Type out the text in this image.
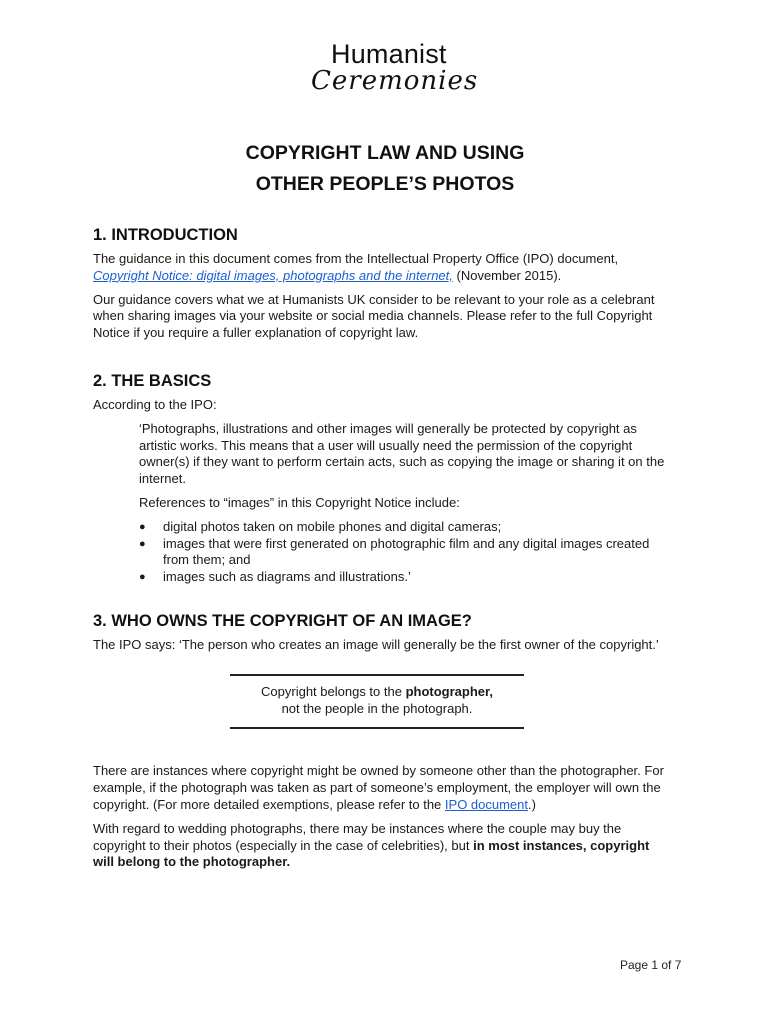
Humanist
Ceremonies
COPYRIGHT LAW AND USING
OTHER PEOPLE’S PHOTOS
1. INTRODUCTION

The guidance in this document comes from the Intellectual Property Office (IPO) document, Copyright Notice: digital images, photographs and the internet, (November 2015).

Our guidance covers what we at Humanists UK consider to be relevant to your role as a celebrant when sharing images via your website or social media channels. Please refer to the full Copyright Notice if you require a fuller explanation of copyright law.

2. THE BASICS

According to the IPO:

‘Photographs, illustrations and other images will generally be protected by copyright as artistic works. This means that a user will usually need the permission of the copyright owner(s) if they want to perform certain acts, such as copying the image or sharing it on the internet.

References to “images” in this Copyright Notice include:

● digital photos taken on mobile phones and digital cameras;
● images that were first generated on photographic film and any digital images created from them; and
● images such as diagrams and illustrations.’
3. WHO OWNS THE COPYRIGHT OF AN IMAGE?

The IPO says: ‘The person who creates an image will generally be the first owner of the copyright.’

Copyright belongs to the photographer,
not the people in the photograph.

There are instances where copyright might be owned by someone other than the photographer. For example, if the photograph was taken as part of someone’s employment, the employer will own the copyright. (For more detailed exemptions, please refer to the IPO document.)

With regard to wedding photographs, there may be instances where the couple may buy the copyright to their photos (especially in the case of celebrities), but in most instances, copyright will belong to the photographer.

Page 1 of 7
